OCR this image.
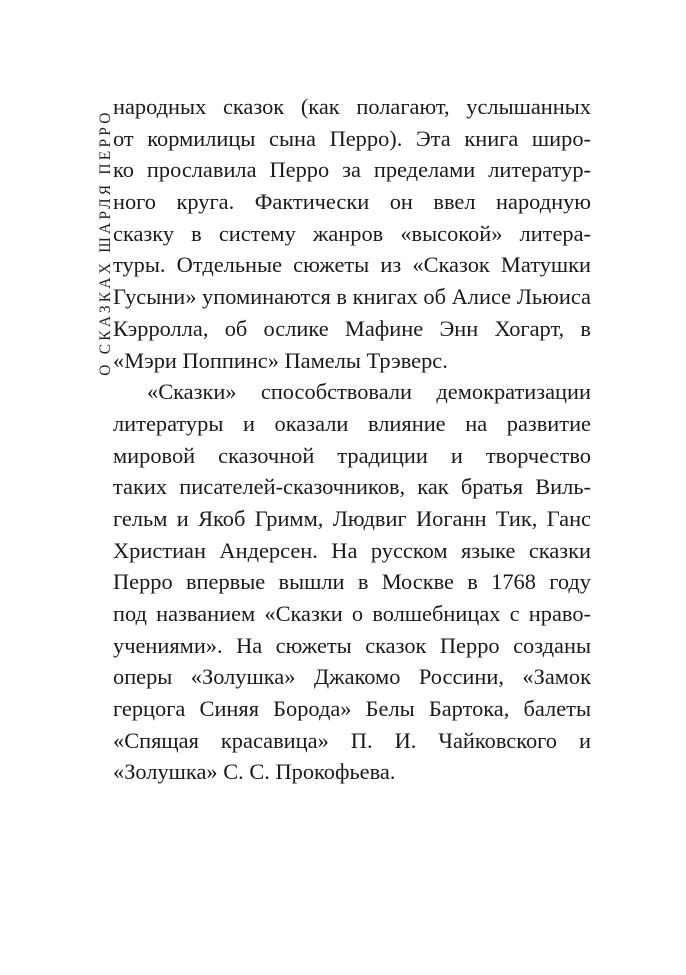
О СКАЗКАХ ШАРЛЯ ПЕРРО
народных сказок (как полагают, услышанных
от кормилицы сына Перро). Эта книга широ-
ко прославила Перро за пределами литератур-
ного круга. Фактически он ввел народную
сказку в систему жанров «высокой» литера-
туры. Отдельные сюжеты из «Сказок Матушки
Гусыни» упоминаются в книгах об Алисе Льюиса
Кэрролла, об ослике Мафине Энн Хогарт, в
«Мэри Поппинс» Памелы Трэверс.
«Сказки» способствовали демократизации
литературы и оказали влияние на развитие
мировой сказочной традиции и творчество
таких писателей-сказочников, как братья Виль-
гельм и Якоб Гримм, Людвиг Иоганн Тик, Ганс
Христиан Андерсен. На русском языке сказки
Перро впервые вышли в Москве в 1768 году
под названием «Сказки о волшебницах с нраво-
учениями». На сюжеты сказок Перро созданы
оперы «Золушка» Джакомо Россини, «Замок
герцога Синяя Борода» Белы Бартока, балеты
«Спящая красавица» П. И. Чайковского и
«Золушка» С. С. Прокофьева.
